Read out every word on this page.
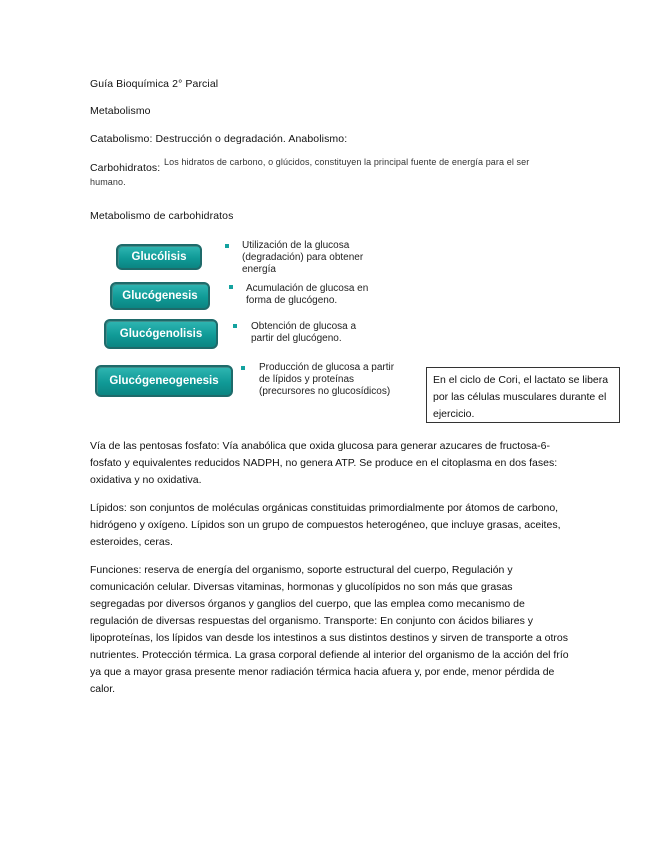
Guía Bioquímica 2° Parcial
Metabolismo
Catabolismo: Destrucción o degradación. Anabolismo:
Carbohidratos: Los hidratos de carbono, o glúcidos, constituyen la principal fuente de energía para el ser
humano.
Metabolismo de carbohidratos
Glucólisis
Utilización de la glucosa
(degradación) para obtener
energía
Glucógenesis
Acumulación de glucosa en
forma de glucógeno.
Glucógenolisis
Obtención de glucosa a
partir del glucógeno.
Glucógeneogenesis
Producción de glucosa a partir
de lípidos y proteínas
(precursores no glucosídicos)
En el ciclo de Cori, el lactato se libera por las células musculares durante el ejercicio.

Vía de las pentosas fosfato: Vía anabólica que oxida glucosa para generar azucares de fructosa-6-fosfato y equivalentes reducidos NADPH, no genera ATP. Se produce en el citoplasma en dos fases: oxidativa y no oxidativa.

Lípidos: son conjuntos de moléculas orgánicas constituidas primordialmente por átomos de carbono, hidrógeno y oxígeno. Lípidos son un grupo de compuestos heterogéneo, que incluye grasas, aceites, esteroides, ceras.

Funciones: reserva de energía del organismo, soporte estructural del cuerpo, Regulación y comunicación celular. Diversas vitaminas, hormonas y glucolípidos no son más que grasas segregadas por diversos órganos y ganglios del cuerpo, que las emplea como mecanismo de regulación de diversas respuestas del organismo. Transporte: En conjunto con ácidos biliares y lipoproteínas, los lípidos van desde los intestinos a sus distintos destinos y sirven de transporte a otros nutrientes. Protección térmica. La grasa corporal defiende al interior del organismo de la acción del frío ya que a mayor grasa presente menor radiación térmica hacia afuera y, por ende, menor pérdida de calor.
